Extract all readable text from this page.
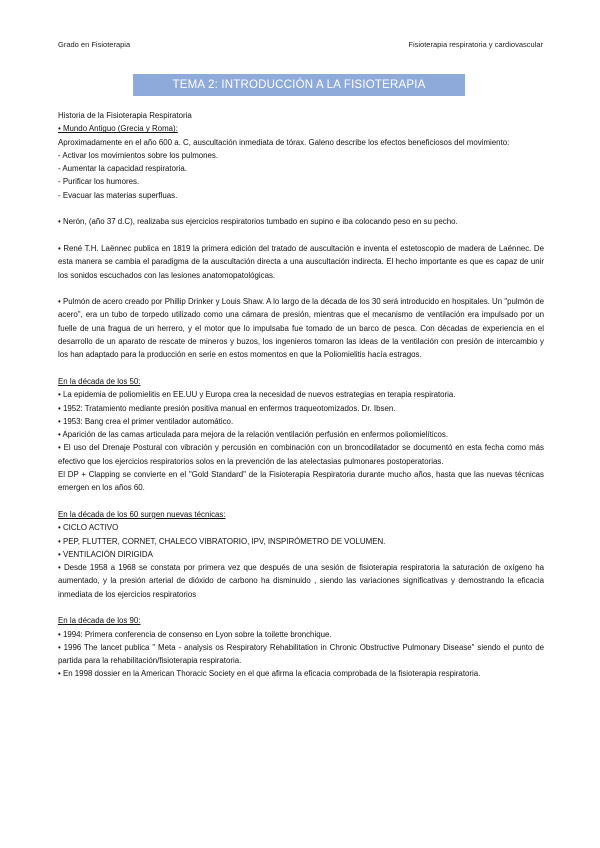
Grado en Fisioterapia	Fisioterapia respiratoria y cardiovascular
TEMA 2: INTRODUCCIÓN A LA FISIOTERAPIA RESPIRATORIA

Historia de la Fisioterapia Respiratoria

• Mundo Antiguo (Grecia y Roma):

Aproximadamente en el año 600 a. C, auscultación inmediata de tórax. Galeno describe los efectos beneficiosos del movimiento:

- Activar los movimientos sobre los pulmones.

- Aumentar la capacidad respiratoria.

- Purificar los humores.

- Evacuar las materias superfluas.

• Nerón, (año 37 d.C), realizaba sus ejercicios respiratorios tumbado en supino e iba colocando peso en su pecho.

• René T.H. Laënnec publica en 1819 la primera edición del tratado de auscultación e inventa el estetoscopio de madera de Laënnec. De esta manera se cambia el paradigma de la auscultación directa a una auscultación indirecta. El hecho importante es que es capaz de unir los sonidos escuchados con las lesiones anatomopatológicas.

• Pulmón de acero creado por Phillip Drinker y Louis Shaw. A lo largo de la década de los 30 será introducido en hospitales. Un "pulmón de acero", era un tubo de torpedo utilizado como una cámara de presión, mientras que el mecanismo de ventilación era impulsado por un fuelle de una fragua de un herrero, y el motor que lo impulsaba fue tomado de un barco de pesca. Con décadas de experiencia en el desarrollo de un aparato de rescate de mineros y buzos, los ingenieros tomaron las ideas de la ventilación con presión de intercambio y los han adaptado para la producción en serie en estos momentos en que la Poliomielitis hacía estragos.

En la década de los 50:

• La epidemia de poliomielitis en EE.UU y Europa crea la necesidad de nuevos estrategias en terapia respiratoria.

• 1952: Tratamiento mediante presión positiva manual en enfermos traqueotomizados. Dr. Ibsen.

• 1953: Bang crea el primer ventilador automático.

• Aparición de las camas articulada para mejora de la relación ventilación perfusión en enfermos poliomielíticos.

• El uso del Drenaje Postural con vibración y percusión en combinación con un broncodilatador se documentó en esta fecha como más efectivo que los ejercicios respiratorios solos en la prevención de las atelectasias pulmonares postoperatorias.

El DP + Clapping se convierte en el "Gold Standard" de la Fisioterapia Respiratoria durante mucho años, hasta que las nuevas técnicas emergen en los años 60.

En la década de los 60 surgen nuevas técnicas:

• CICLO ACTIVO

• PEP, FLUTTER, CORNET, CHALECO VIBRATORIO, IPV, INSPIRÓMETRO DE VOLUMEN.

• VENTILACIÓN DIRIGIDA

• Desde 1958 a 1968 se constata por primera vez que después de una sesión de fisioterapia respiratoria la saturación de oxígeno ha aumentado, y la presión arterial de dióxido de carbono ha disminuido , siendo las variaciones significativas y demostrando la eficacia inmediata de los ejercicios respiratorios

En la década de los 90:

• 1994: Primera conferencia de consenso en Lyon sobre la toilette bronchique.

• 1996 The lancet publica " Meta - analysis os Respiratory Rehabilitation in Chronic Obstructive Pulmonary Disease" siendo el punto de partida para la rehabilitación/fisioterapia respiratoria.

• En 1998 dossier en la American Thoracic Society en el que afirma la eficacia comprobada de la fisioterapia respiratoria.
